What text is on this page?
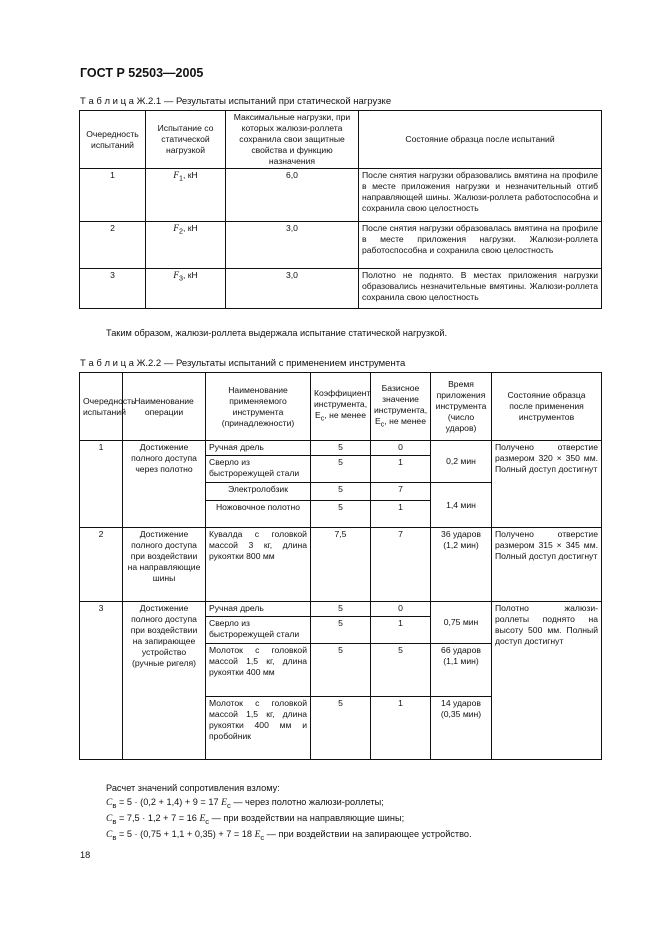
ГОСТ Р 52503—2005
Т а б л и ц а Ж.2.1 — Результаты испытаний при статической нагрузке
Очередность испытаний	Испытание со статической нагрузкой	Максимальные нагрузки, при которых жалюзи-роллета сохранила свои защитные свойства и функцию назначения	Состояние образца после испытаний
1	$F_1$, кН	6,0	После снятия нагрузки образовались вмятина на профиле в месте приложения нагрузки и незначительный отгиб направляющей шины. Жалюзи-роллета работоспособна и сохранила свою целостность
2	$F_2$, кН	3,0	После снятия нагрузки образовалась вмятина на профиле в месте приложения нагрузки. Жалюзи-роллета работоспособна и сохранила свою целостность
3	$F_3$, кН	3,0	Полотно не поднято. В местах приложения нагрузки образовались незначительные вмятины. Жалюзи-роллета сохранила свою целостность
Таким образом, жалюзи-роллета выдержала испытание статической нагрузкой.
Т а б л и ц а Ж.2.2 — Результаты испытаний с применением инструмента
Очередность испытаний	Наименование операции	Наименование применяемого инструмента (принадлежности)	Коэффициент инструмента, $E_c$, не менее	Базисное значение инструмента, $E_c$, не менее	Время приложения инструмента (число ударов)	Состояние образца после применения инструментов
1	Достижение полного доступа через полотно	Ручная дрель	5	0	0,2 мин	Получено отверстие размером 320 × 350 мм. Полный доступ достигнут
		Сверло из быстрорежущей стали	5	1		
		Электролобзик	5	7	1,4 мин	
		Ножовочное полотно	5	1		
2	Достижение полного доступа при воздействии на направляющие шины	Кувалда с головкой массой 3 кг, длина рукоятки 800 мм	7,5	7	36 ударов (1,2 мин)	Получено отверстие размером 315 × 345 мм. Полный доступ достигнут
3	Достижение полного доступа при воздействии на запирающее устройство (ручные ригеля)	Ручная дрель	5	0	0,75 мин	Полотно жалюзи-роллеты поднято на высоту 500 мм. Полный доступ достигнут
		Сверло из быстрорежущей стали	5	1		
		Молоток с головкой массой 1,5 кг, длина рукоятки 400 мм	5	5	66 ударов (1,1 мин)	
		Молоток с головкой массой 1,5 кг, длина рукоятки 400 мм и пробойник	5	1	14 ударов (0,35 мин)	
Расчет значений сопротивления взлому:
$C_в = 5 \cdot (0,2 + 1,4) + 9 = 17$ $E_c$ — через полотно жалюзи-роллеты;
$C_в = 7,5 \cdot 1,2 + 7 = 16$ $E_c$ — при воздействии на направляющие шины;
$C_в = 5 \cdot (0,75 + 1,1 + 0,35) + 7 = 18$ $E_c$ — при воздействии на запирающее устройство.
18
